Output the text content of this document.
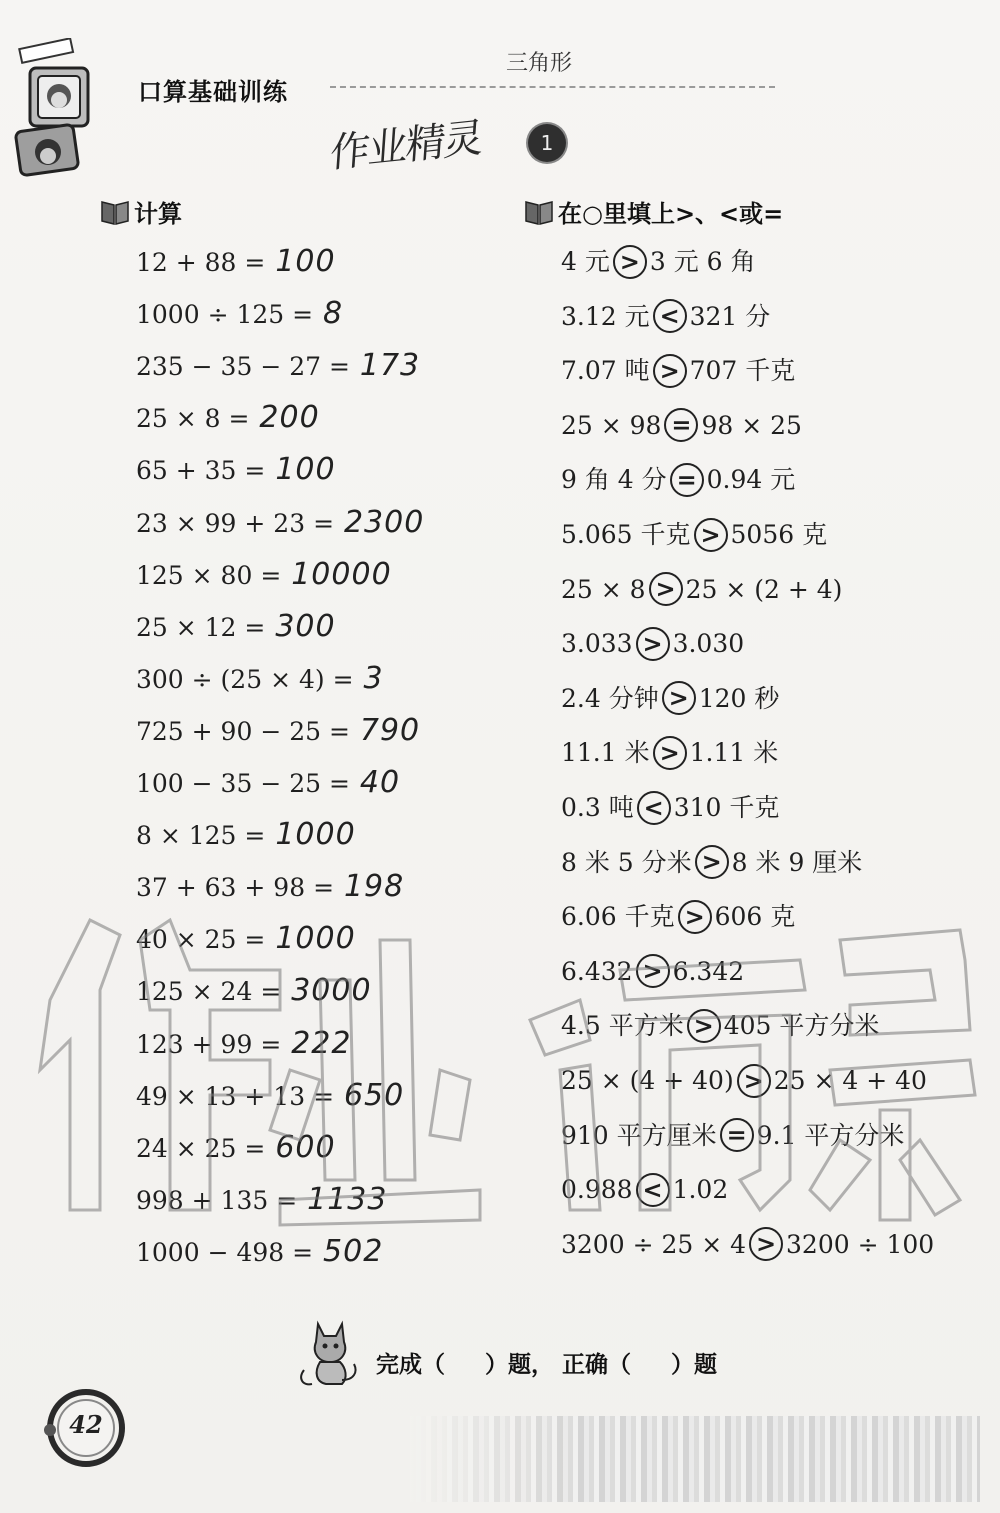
口算基础训练
三角形
作业精灵	1
计算
12 + 88 = 100
1000 ÷ 125 = 8
235 − 35 − 27 = 173
25 × 8 = 200
65 + 35 = 100
23 × 99 + 23 = 2300
125 × 80 = 10000
25 × 12 = 300
300 ÷ (25 × 4) = 3
725 + 90 − 25 = 790
100 − 35 − 25 = 40
8 × 125 = 1000
37 + 63 + 98 = 198
40 × 25 = 1000
125 × 24 = 3000
123 + 99 = 222
49 × 13 + 13 = 650
24 × 25 = 600
998 + 135 = 1133
1000 − 498 = 502
在○里填上>、<或=
4 元 > 3 元 6 角
3.12 元 < 321 分
7.07 吨 > 707 千克
25 × 98 = 98 × 25
9 角 4 分 = 0.94 元
5.065 千克 > 5056 克
25 × 8 > 25 × (2 + 4)
3.033 > 3.030
2.4 分钟 > 120 秒
11.1 米 > 1.11 米
0.3 吨 < 310 千克
8 米 5 分米 > 8 米 9 厘米
6.06 千克 > 606 克
6.432 > 6.342
4.5 平方米 > 405 平方分米
25 × (4 + 40) > 25 × 4 + 40
910 平方厘米 = 9.1 平方分米
0.988 < 1.02
3200 ÷ 25 × 4 > 3200 ÷ 100
完成（ ）题， 正确（ ）题
42
